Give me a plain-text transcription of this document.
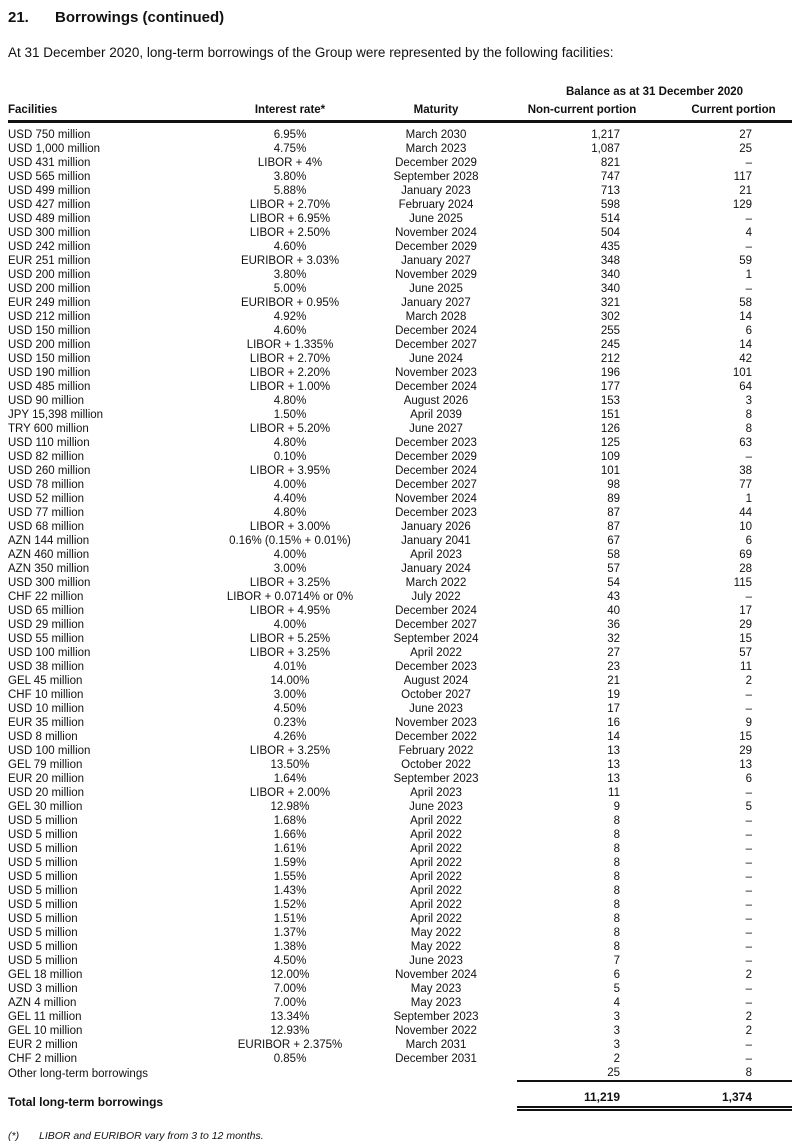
21.	Borrowings (continued)
At 31 December 2020, long-term borrowings of the Group were represented by the following facilities:
			Balance as at 31 December 2020	
Facilities	Interest rate*	Maturity	Non-current portion	Current portion
USD 750 million	6.95%	March 2030	1,217	27
USD 1,000 million	4.75%	March 2023	1,087	25
USD 431 million	LIBOR + 4%	December 2029	821	–
USD 565 million	3.80%	September 2028	747	117
USD 499 million	5.88%	January 2023	713	21
USD 427 million	LIBOR + 2.70%	February 2024	598	129
USD 489 million	LIBOR + 6.95%	June 2025	514	–
USD 300 million	LIBOR + 2.50%	November 2024	504	4
USD 242 million	4.60%	December 2029	435	–
EUR 251 million	EURIBOR + 3.03%	January 2027	348	59
USD 200 million	3.80%	November 2029	340	1
USD 200 million	5.00%	June 2025	340	–
EUR 249 million	EURIBOR + 0.95%	January 2027	321	58
USD 212 million	4.92%	March 2028	302	14
USD 150 million	4.60%	December 2024	255	6
USD 200 million	LIBOR + 1.335%	December 2027	245	14
USD 150 million	LIBOR + 2.70%	June 2024	212	42
USD 190 million	LIBOR + 2.20%	November 2023	196	101
USD 485 million	LIBOR + 1.00%	December 2024	177	64
USD 90 million	4.80%	August 2026	153	3
JPY 15,398 million	1.50%	April 2039	151	8
TRY 600 million	LIBOR + 5.20%	June 2027	126	8
USD 110 million	4.80%	December 2023	125	63
USD 82 million	0.10%	December 2029	109	–
USD 260 million	LIBOR + 3.95%	December 2024	101	38
USD 78 million	4.00%	December 2027	98	77
USD 52 million	4.40%	November 2024	89	1
USD 77 million	4.80%	December 2023	87	44
USD 68 million	LIBOR + 3.00%	January 2026	87	10
AZN 144 million	0.16% (0.15% + 0.01%)	January 2041	67	6
AZN 460 million	4.00%	April 2023	58	69
AZN 350 million	3.00%	January 2024	57	28
USD 300 million	LIBOR + 3.25%	March 2022	54	115
CHF 22 million	LIBOR + 0.0714% or 0%	July 2022	43	–
USD 65 million	LIBOR + 4.95%	December 2024	40	17
USD 29 million	4.00%	December 2027	36	29
USD 55 million	LIBOR + 5.25%	September 2024	32	15
USD 100 million	LIBOR + 3.25%	April 2022	27	57
USD 38 million	4.01%	December 2023	23	11
GEL 45 million	14.00%	August 2024	21	2
CHF 10 million	3.00%	October 2027	19	–
USD 10 million	4.50%	June 2023	17	–
EUR 35 million	0.23%	November 2023	16	9
USD 8 million	4.26%	December 2022	14	15
USD 100 million	LIBOR + 3.25%	February 2022	13	29
GEL 79 million	13.50%	October 2022	13	13
EUR 20 million	1.64%	September 2023	13	6
USD 20 million	LIBOR + 2.00%	April 2023	11	–
GEL 30 million	12.98%	June 2023	9	5
USD 5 million	1.68%	April 2022	8	–
USD 5 million	1.66%	April 2022	8	–
USD 5 million	1.61%	April 2022	8	–
USD 5 million	1.59%	April 2022	8	–
USD 5 million	1.55%	April 2022	8	–
USD 5 million	1.43%	April 2022	8	–
USD 5 million	1.52%	April 2022	8	–
USD 5 million	1.51%	April 2022	8	–
USD 5 million	1.37%	May 2022	8	–
USD 5 million	1.38%	May 2022	8	–
USD 5 million	4.50%	June 2023	7	–
GEL 18 million	12.00%	November 2024	6	2
USD 3 million	7.00%	May 2023	5	–
AZN 4 million	7.00%	May 2023	4	–
GEL 11 million	13.34%	September 2023	3	2
GEL 10 million	12.93%	November 2022	3	2
EUR 2 million	EURIBOR + 2.375%	March 2031	3	–
CHF 2 million	0.85%	December 2031	2	–
Other long-term borrowings			25	8
Total long-term borrowings			11,219	1,374
(*)	LIBOR and EURIBOR vary from 3 to 12 months.
